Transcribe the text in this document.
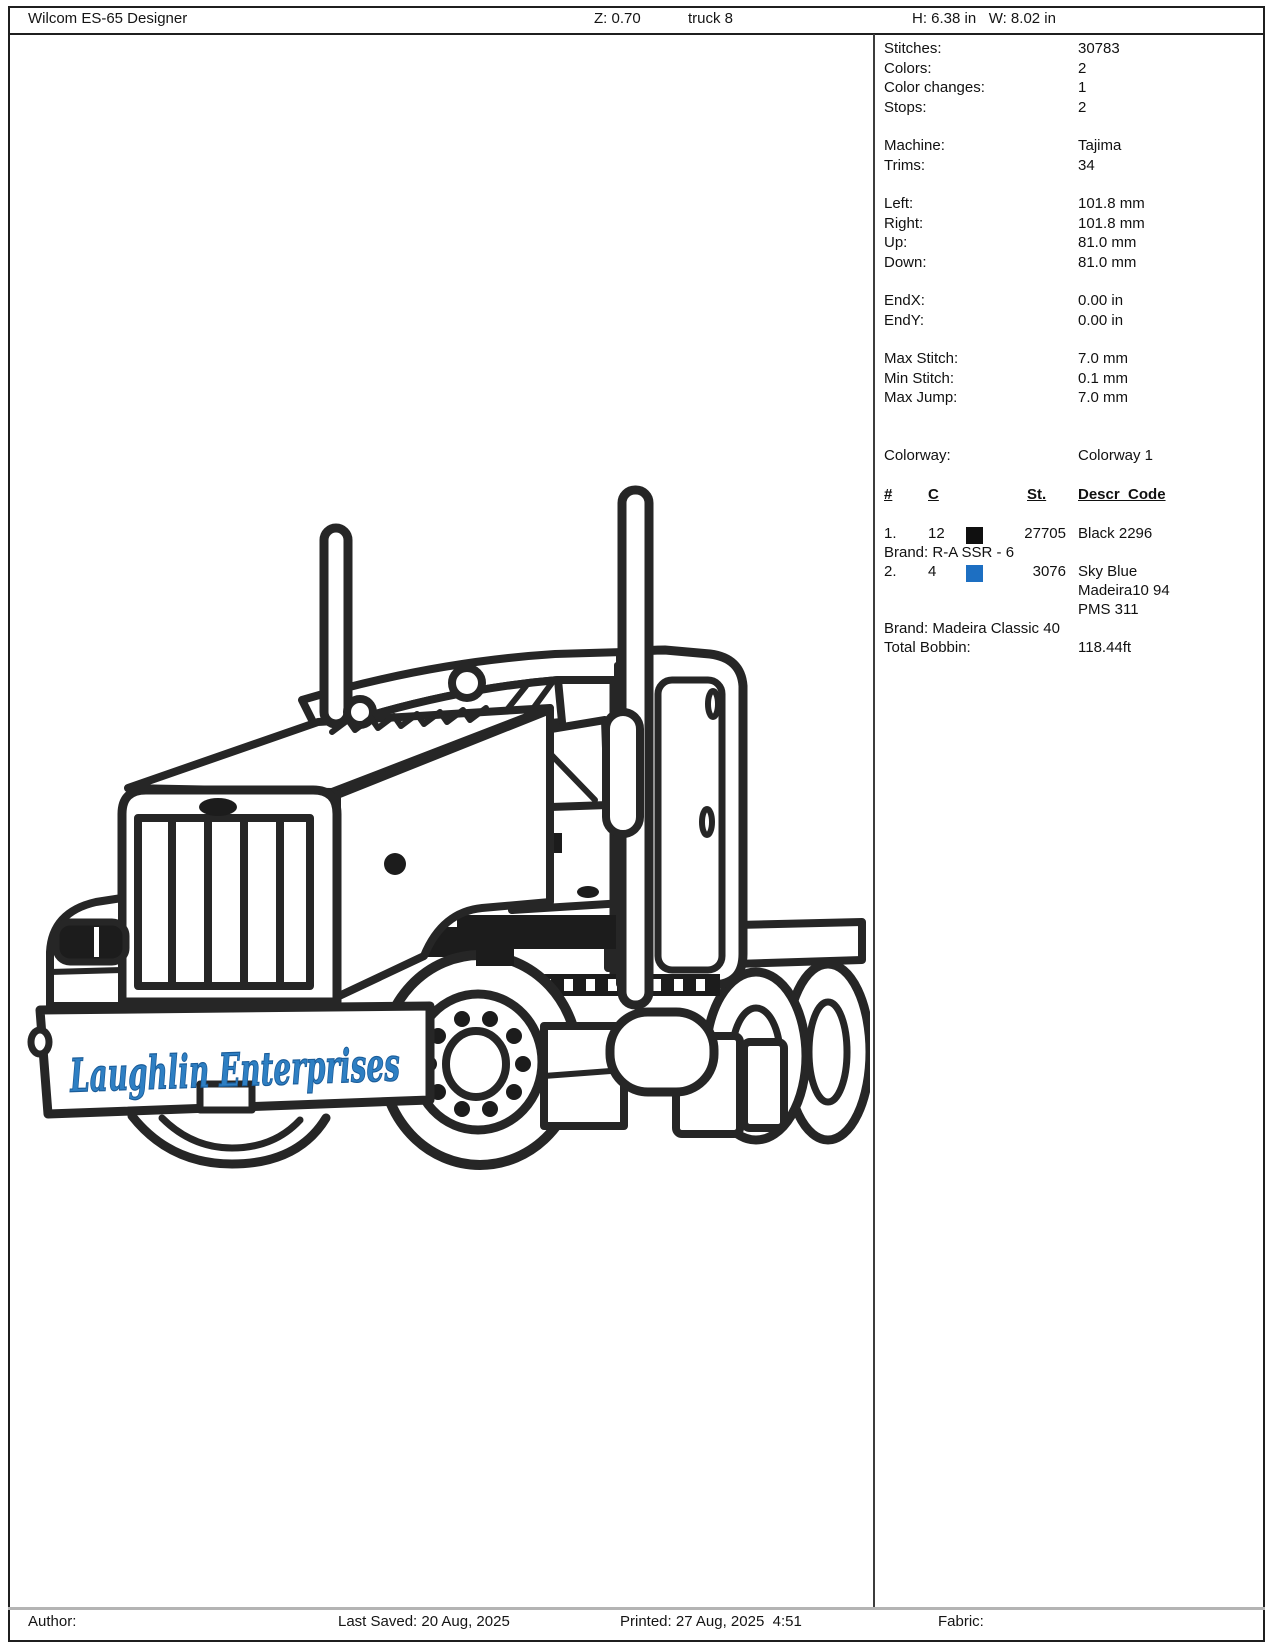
Wilcom ES-65 Designer	Z: 0.70	truck 8	H: 6.38 in   W: 8.02 in
Stitches:	30783
Colors:	2
Color changes:	1
Stops:	2
Machine:	Tajima
Trims:	34
Left:	101.8 mm
Right:	101.8 mm
Up:	81.0 mm
Down:	81.0 mm
EndX:	0.00 in
EndY:	0.00 in
Max Stitch:	7.0 mm
Min Stitch:	0.1 mm
Max Jump:	7.0 mm
Colorway:	Colorway 1
# C	St. Descr_Code
1. 12	27705 Black 2296
Brand: R-A SSR - 6
2. 4	3076 Sky Blue
Madeira10 94
PMS 311
Brand: Madeira Classic 40
Total Bobbin:	118.44ft
Laughlin Enterprises
Author:	Last Saved: 20 Aug, 2025	Printed: 27 Aug, 2025  4:51	Fabric:
